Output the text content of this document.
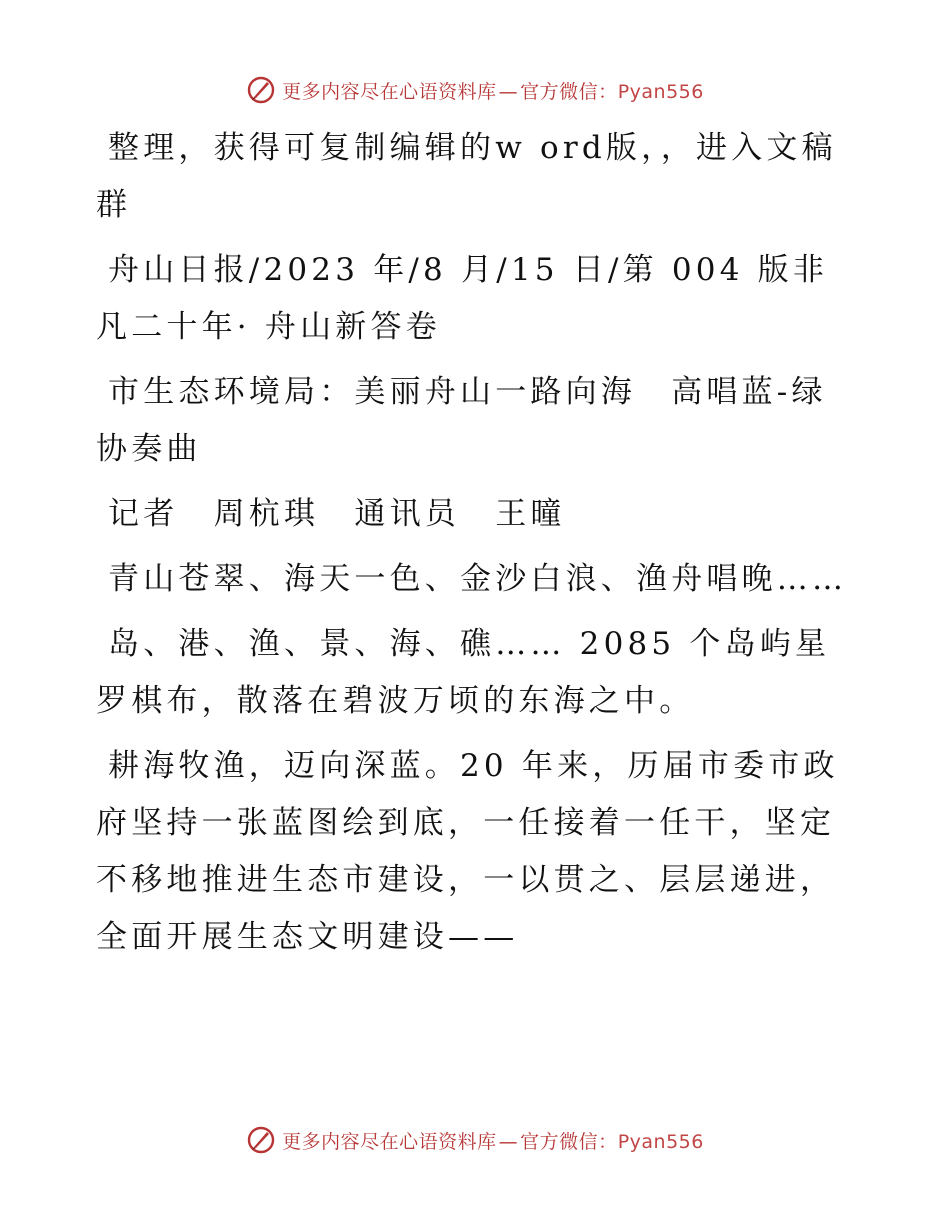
更多内容尽在心语资料库 — 官方微信：Pyan556

整理，获得可复制编辑的w ord版，，进入文稿群

舟山日报/2023 年/8 月/15 日/第 004 版非凡二十年· 舟山新答卷

市生态环境局：美丽舟山一路向海　高唱蓝-绿协奏曲

记者　周杭琪　通讯员　王曈

青山苍翠、海天一色、金沙白浪、渔舟唱晚……

岛、港、渔、景、海、礁…… 2085 个岛屿星罗棋布，散落在碧波万顷的东海之中。

耕海牧渔，迈向深蓝。20 年来，历届市委市政府坚持一张蓝图绘到底，一任接着一任干，坚定不移地推进生态市建设，一以贯之、层层递进，全面开展生态文明建设——

更多内容尽在心语资料库 — 官方微信：Pyan556
